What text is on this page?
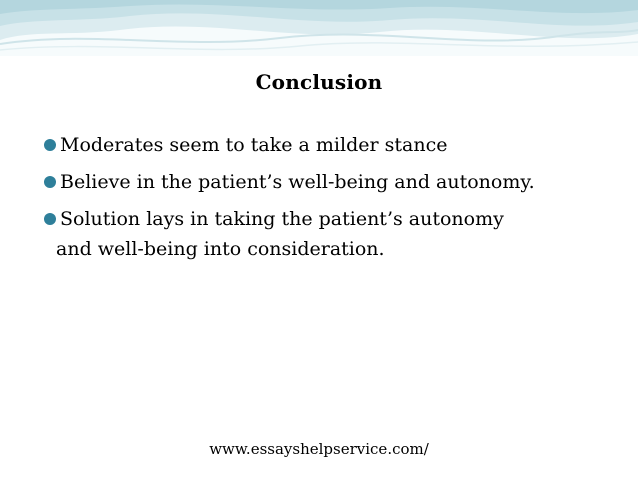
Conclusion
Moderates seem to take a milder stance
Believe in the patient’s well-being and autonomy.
Solution lays in taking the patient’s autonomy
and well-being into consideration.
www.essayshelpservice.com/
